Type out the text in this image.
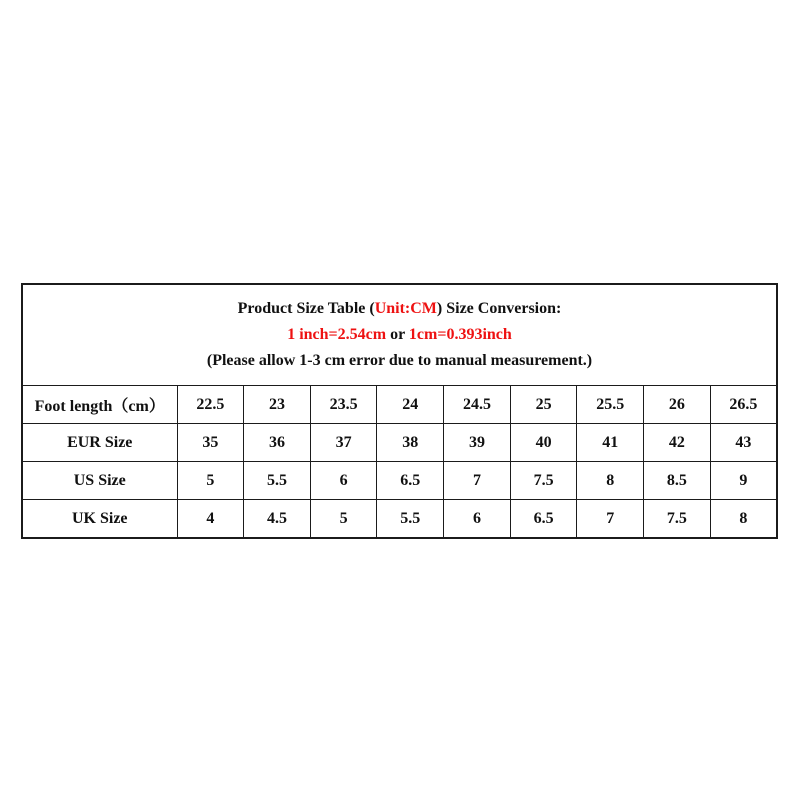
Product Size Table (Unit:CM) Size Conversion:
1 inch=2.54cm or 1cm=0.393inch
(Please allow 1-3 cm error due to manual measurement.)									

Foot length（cm）	22.5	23	23.5	24	24.5	25	25.5	26	26.5
EUR Size	35	36	37	38	39	40	41	42	43
US Size	5	5.5	6	6.5	7	7.5	8	8.5	9
UK Size	4	4.5	5	5.5	6	6.5	7	7.5	8
